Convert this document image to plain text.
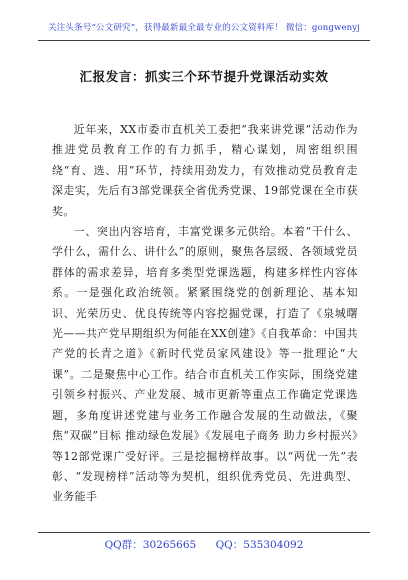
关注头条号“公文研究”，获得最新最全最专业的公文资料库！ 微信：gongwenyj
汇报发言：抓实三个环节提升党课活动实效

近年来，XX市委市直机关工委把“我来讲党课”活动作为推进党员教育工作的有力抓手，精心谋划，周密组织围绕“育、选、用”环节，持续用劲发力，有效推动党员教育走深走实，先后有3部党课获全省优秀党课、19部党课在全市获奖。

一、突出内容培育，丰富党课多元供给。本着“干什么、学什么，需什么、讲什么”的原则，聚焦各层级、各领域党员群体的需求差异，培育多类型党课选题，构建多样性内容体系。一是强化政治统领。紧紧围绕党的创新理论、基本知识、光荣历史、优良传统等内容挖掘党课，打造了《泉城曙光——共产党早期组织为何能在XX创建》《自我革命：中国共产党的长青之道》《新时代党员家风建设》等一批理论“大课”。二是聚焦中心工作。结合市直机关工作实际，围绕党建引领乡村振兴、产业发展、城市更新等重点工作确定党课选题，多角度讲述党建与业务工作融合发展的生动做法，《聚焦“双碳”目标 推动绿色发展》《发展电子商务 助力乡村振兴》等12部党课广受好评。三是挖掘榜样故事。以“两优一先”表彰、“发现榜样”活动等为契机，组织优秀党员、先进典型、业务能手

QQ群：30265665 QQ：535304092
